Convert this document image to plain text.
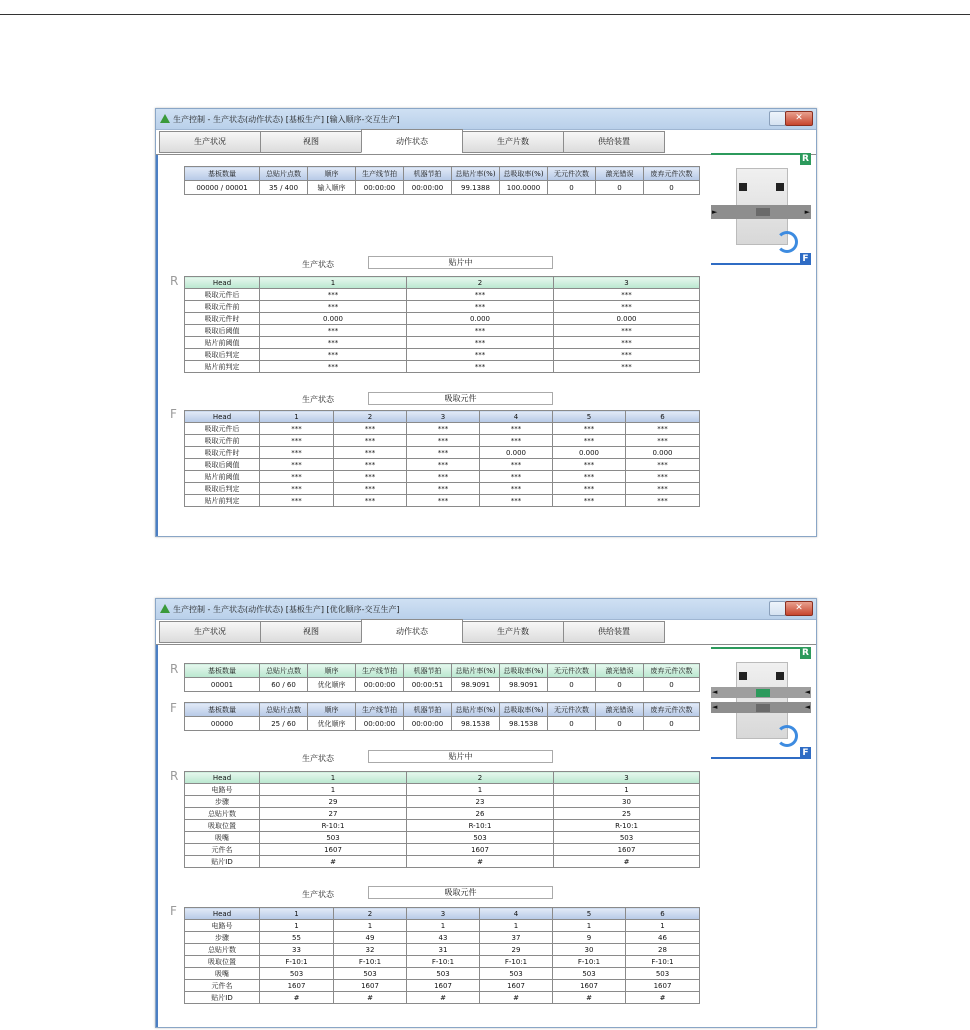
生产控制 - 生产状态(动作状态) [基板生产] [输入顺序-交互生产]	✕
生产状况	视图	动作状态	生产片数	供给装置
基板数量	总贴片点数	顺序	生产线节拍	机器节拍	总贴片率(%)	总吸取率(%)	无元件次数	激光错误	废弃元件次数
00000 / 00001	35 / 400	输入顺序	00:00:00	00:00:00	99.1388	100.0000	0	0	0
R
►	►
F
生产状态	贴片中
R	Head	1	2	3
吸取元件后	***	***	***
吸取元件前	***	***	***
吸取元件时	0.000	0.000	0.000
吸取后阈值	***	***	***
贴片前阈值	***	***	***
吸取后判定	***	***	***
贴片前判定	***	***	***
生产状态	吸取元件
F	Head	1	2	3	4	5	6
吸取元件后	***	***	***	***	***	***
吸取元件前	***	***	***	***	***	***
吸取元件时	***	***	***	0.000	0.000	0.000
吸取后阈值	***	***	***	***	***	***
贴片前阈值	***	***	***	***	***	***
吸取后判定	***	***	***	***	***	***
贴片前判定	***	***	***	***	***	***
生产控制 - 生产状态(动作状态) [基板生产] [优化顺序-交互生产]	✕
生产状况	视图	动作状态	生产片数	供给装置
R	基板数量	总贴片点数	顺序	生产线节拍	机器节拍	总贴片率(%)	总吸取率(%)	无元件次数	激光错误	废弃元件次数
00001	60 / 60	优化顺序	00:00:00	00:00:51	98.9091	98.9091	0	0	0
F	基板数量	总贴片点数	顺序	生产线节拍	机器节拍	总贴片率(%)	总吸取率(%)	无元件次数	激光错误	废弃元件次数
00000	25 / 60	优化顺序	00:00:00	00:00:00	98.1538	98.1538	0	0	0
R
◄	◄
◄	◄
F
生产状态	贴片中
R	Head	1	2	3
电路号	1	1	1
步骤	29	23	30
总贴片数	27	26	25
吸取位置	R-10:1	R-10:1	R-10:1
吸嘴	503	503	503
元件名	1607	1607	1607
贴片ID	#	#	#
生产状态	吸取元件
F	Head	1	2	3	4	5	6
电路号	1	1	1	1	1	1
步骤	55	49	43	37	9	46
总贴片数	33	32	31	29	30	28
吸取位置	F-10:1	F-10:1	F-10:1	F-10:1	F-10:1	F-10:1
吸嘴	503	503	503	503	503	503
元件名	1607	1607	1607	1607	1607	1607
贴片ID	#	#	#	#	#	#
